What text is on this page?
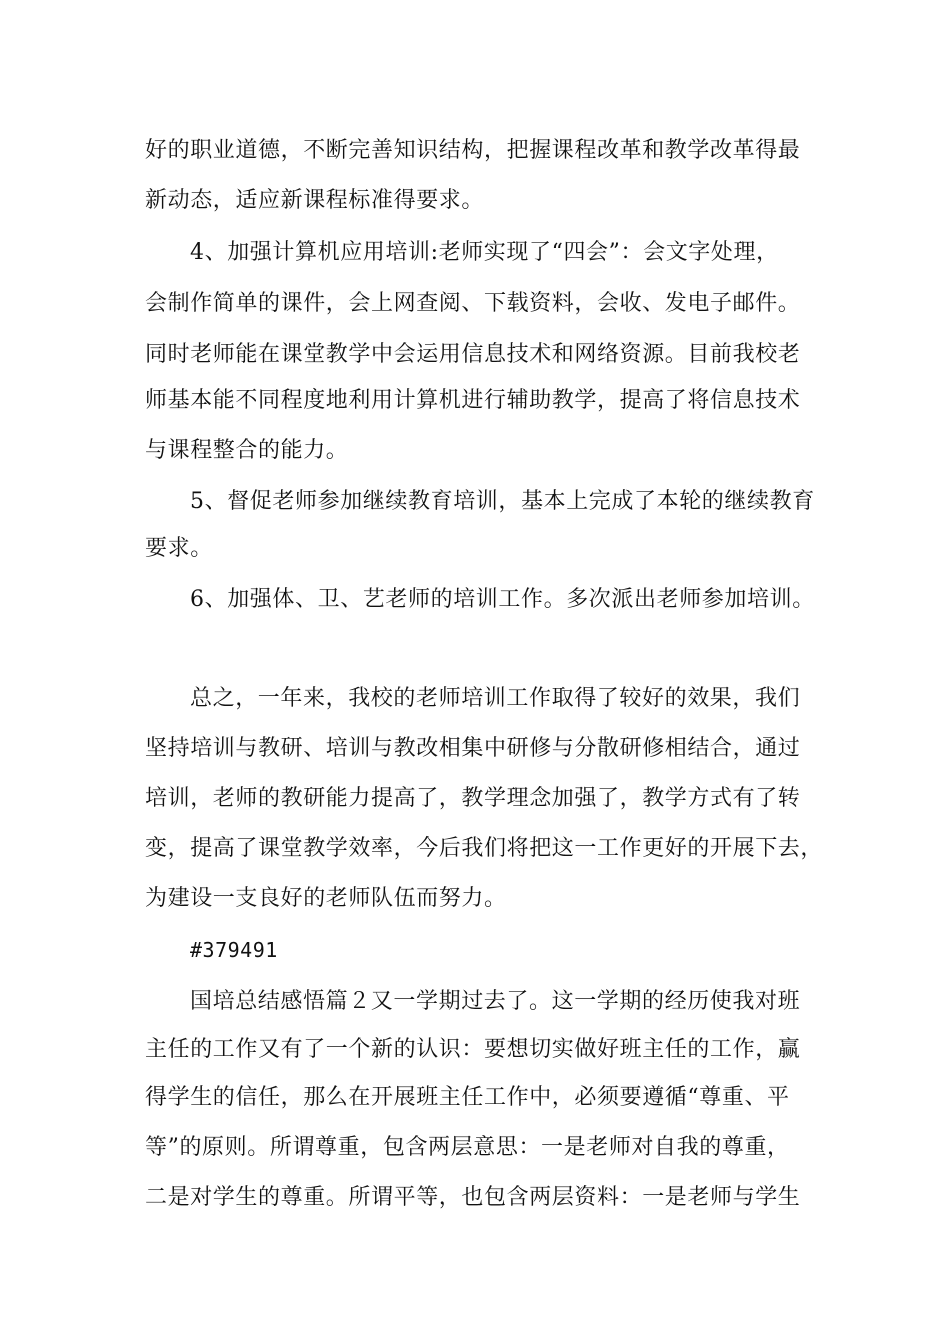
好的职业道德，不断完善知识结构，把握课程改革和教学改革得最
新动态，适应新课程标准得要求。
4、加强计算机应用培训:老师实现了“四会”：会文字处理，
会制作简单的课件，会上网查阅、下载资料，会收、发电子邮件。
同时老师能在课堂教学中会运用信息技术和网络资源。目前我校老
师基本能不同程度地利用计算机进行辅助教学，提高了将信息技术
与课程整合的能力。
5、督促老师参加继续教育培训，基本上完成了本轮的继续教育
要求。
6、加强体、卫、艺老师的培训工作。多次派出老师参加培训。
总之，一年来，我校的老师培训工作取得了较好的效果，我们
坚持培训与教研、培训与教改相集中研修与分散研修相结合，通过
培训，老师的教研能力提高了，教学理念加强了，教学方式有了转
变，提高了课堂教学效率，今后我们将把这一工作更好的开展下去，
为建设一支良好的老师队伍而努力。
#379491
国培总结感悟篇２又一学期过去了。这一学期的经历使我对班
主任的工作又有了一个新的认识：要想切实做好班主任的工作，赢
得学生的信任，那么在开展班主任工作中，必须要遵循“尊重、平
等”的原则。所谓尊重，包含两层意思：一是老师对自我的尊重，
二是对学生的尊重。所谓平等，也包含两层资料：一是老师与学生
